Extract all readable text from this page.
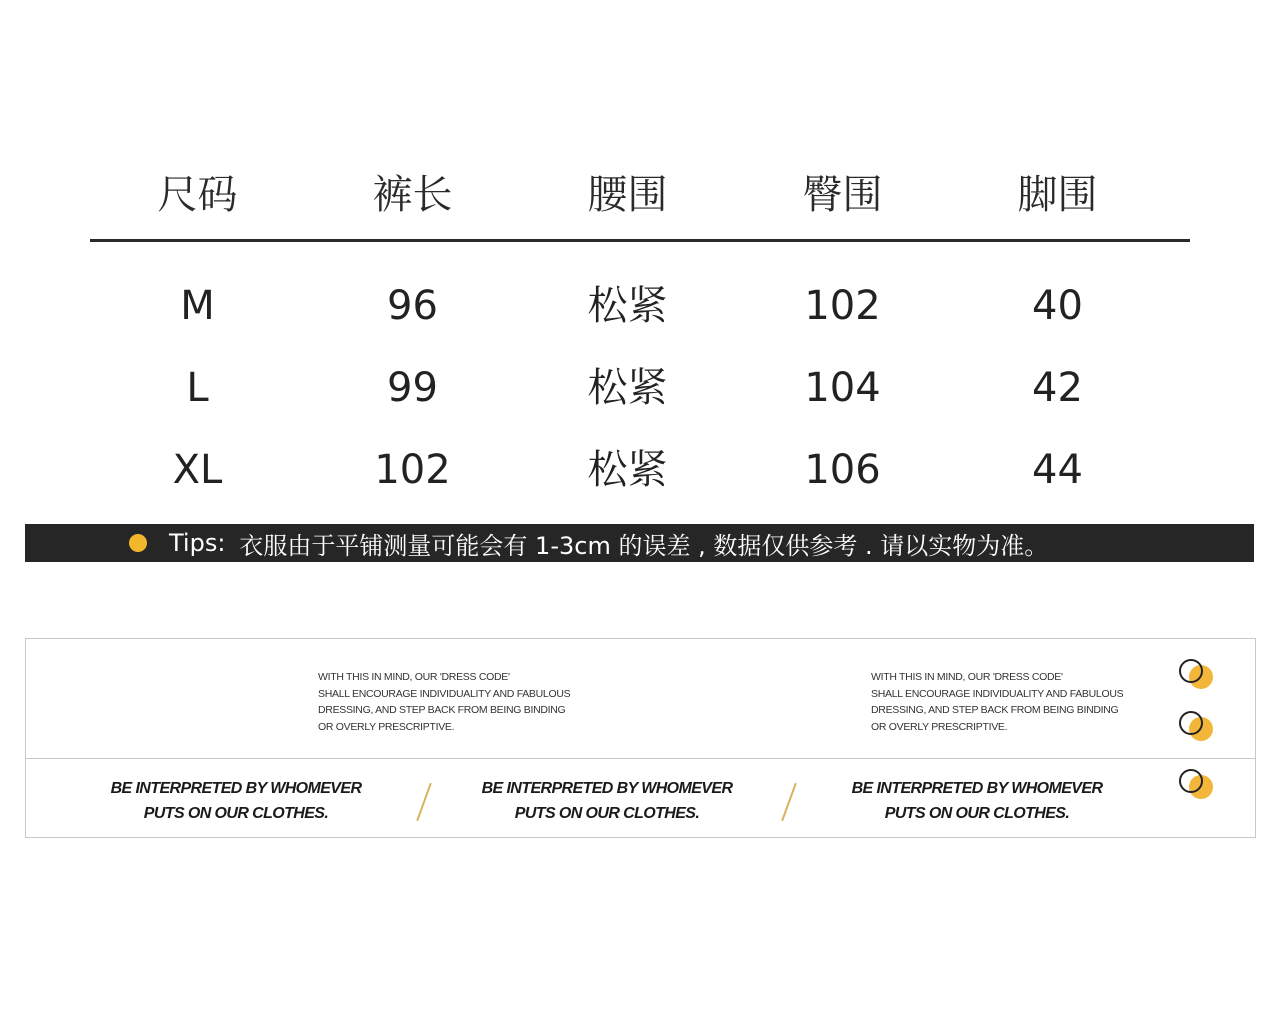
尺码	裤长	腰围	臀围	脚围
M	96	松紧	102	40
L	99	松紧	104	42
XL	102	松紧	106	44
Tips: 衣服由于平铺测量可能会有 1-3cm 的误差 , 数据仅供参考 . 请以实物为准。
WITH THIS IN MIND, OUR 'DRESS CODE'
SHALL ENCOURAGE INDIVIDUALITY AND FABULOUS
DRESSING, AND STEP BACK FROM BEING BINDING
OR OVERLY PRESCRIPTIVE.
WITH THIS IN MIND, OUR 'DRESS CODE'
SHALL ENCOURAGE INDIVIDUALITY AND FABULOUS
DRESSING, AND STEP BACK FROM BEING BINDING
OR OVERLY PRESCRIPTIVE.
BE INTERPRETED BY WHOMEVER
PUTS ON OUR CLOTHES.
BE INTERPRETED BY WHOMEVER
PUTS ON OUR CLOTHES.
BE INTERPRETED BY WHOMEVER
PUTS ON OUR CLOTHES.
